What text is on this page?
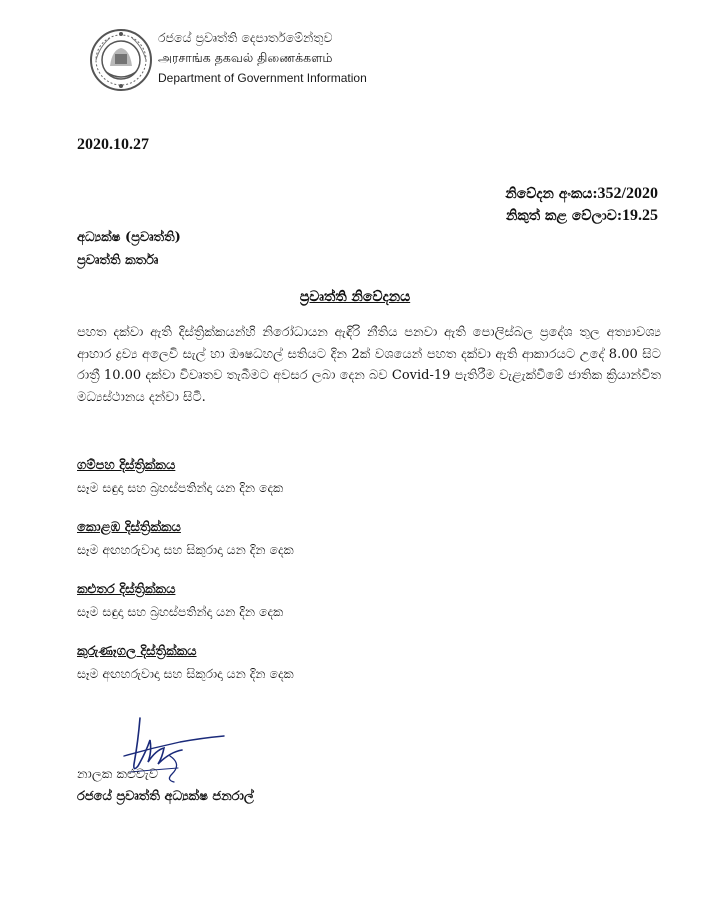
රජයේ ප්‍රවෘත්ති දෙපාර්තමේන්තුව
அரசாங்க தகவல் திணைக்களம்
Department of Government Information
2020.10.27
නිවේදන අංකය:352/2020
නිකුත් කළ වේලාව:19.25
අධ්‍යක්ෂ (ප්‍රවෘත්ති)
ප්‍රවෘත්ති කර්තෘ
ප්‍රවෘත්ති නිවේදනය
පහත දක්වා ඇති දිස්ත්‍රික්කයන්හි නිරෝධායන ඇඳිරි නීතිය පනවා ඇති පොලිස්බල ප්‍රදේශ තුල අත්‍යාවශ්‍ය ආහාර ද්‍රව්‍ය අලෙවි සැල් හා ඖෂධහල් සතියට දින 2ක් වශයෙන් පහත දක්වා ඇති ආකාරයට උදේ 8.00 සිට රාත්‍රී 10.00 දක්වා විවෘතව තැබීමට අවසර ලබා දෙන බව Covid-19 පැතිරීම වැළැක්වීමේ ජාතික ක්‍රියාන්විත මධ්‍යස්ථානය දන්වා සිටී.
ගම්පහ දිස්ත්‍රික්කය
සෑම සඳුදා සහ බ්‍රහස්පතින්දා යන දින දෙක
කොළඹ දිස්ත්‍රික්කය
සෑම අඟහරුවාදා සහ සිකුරාදා යන දින දෙක
කළුතර දිස්ත්‍රික්කය
සෑම සඳුදා සහ බ්‍රහස්පතින්දා යන දින දෙක
කුරුණෑගල දිස්ත්‍රික්කය
සෑම අඟහරුවාදා සහ සිකුරාදා යන දින දෙක
නාලක කළුවැව
රජයේ ප්‍රවෘත්ති අධ්‍යක්ෂ ජනරාල්
